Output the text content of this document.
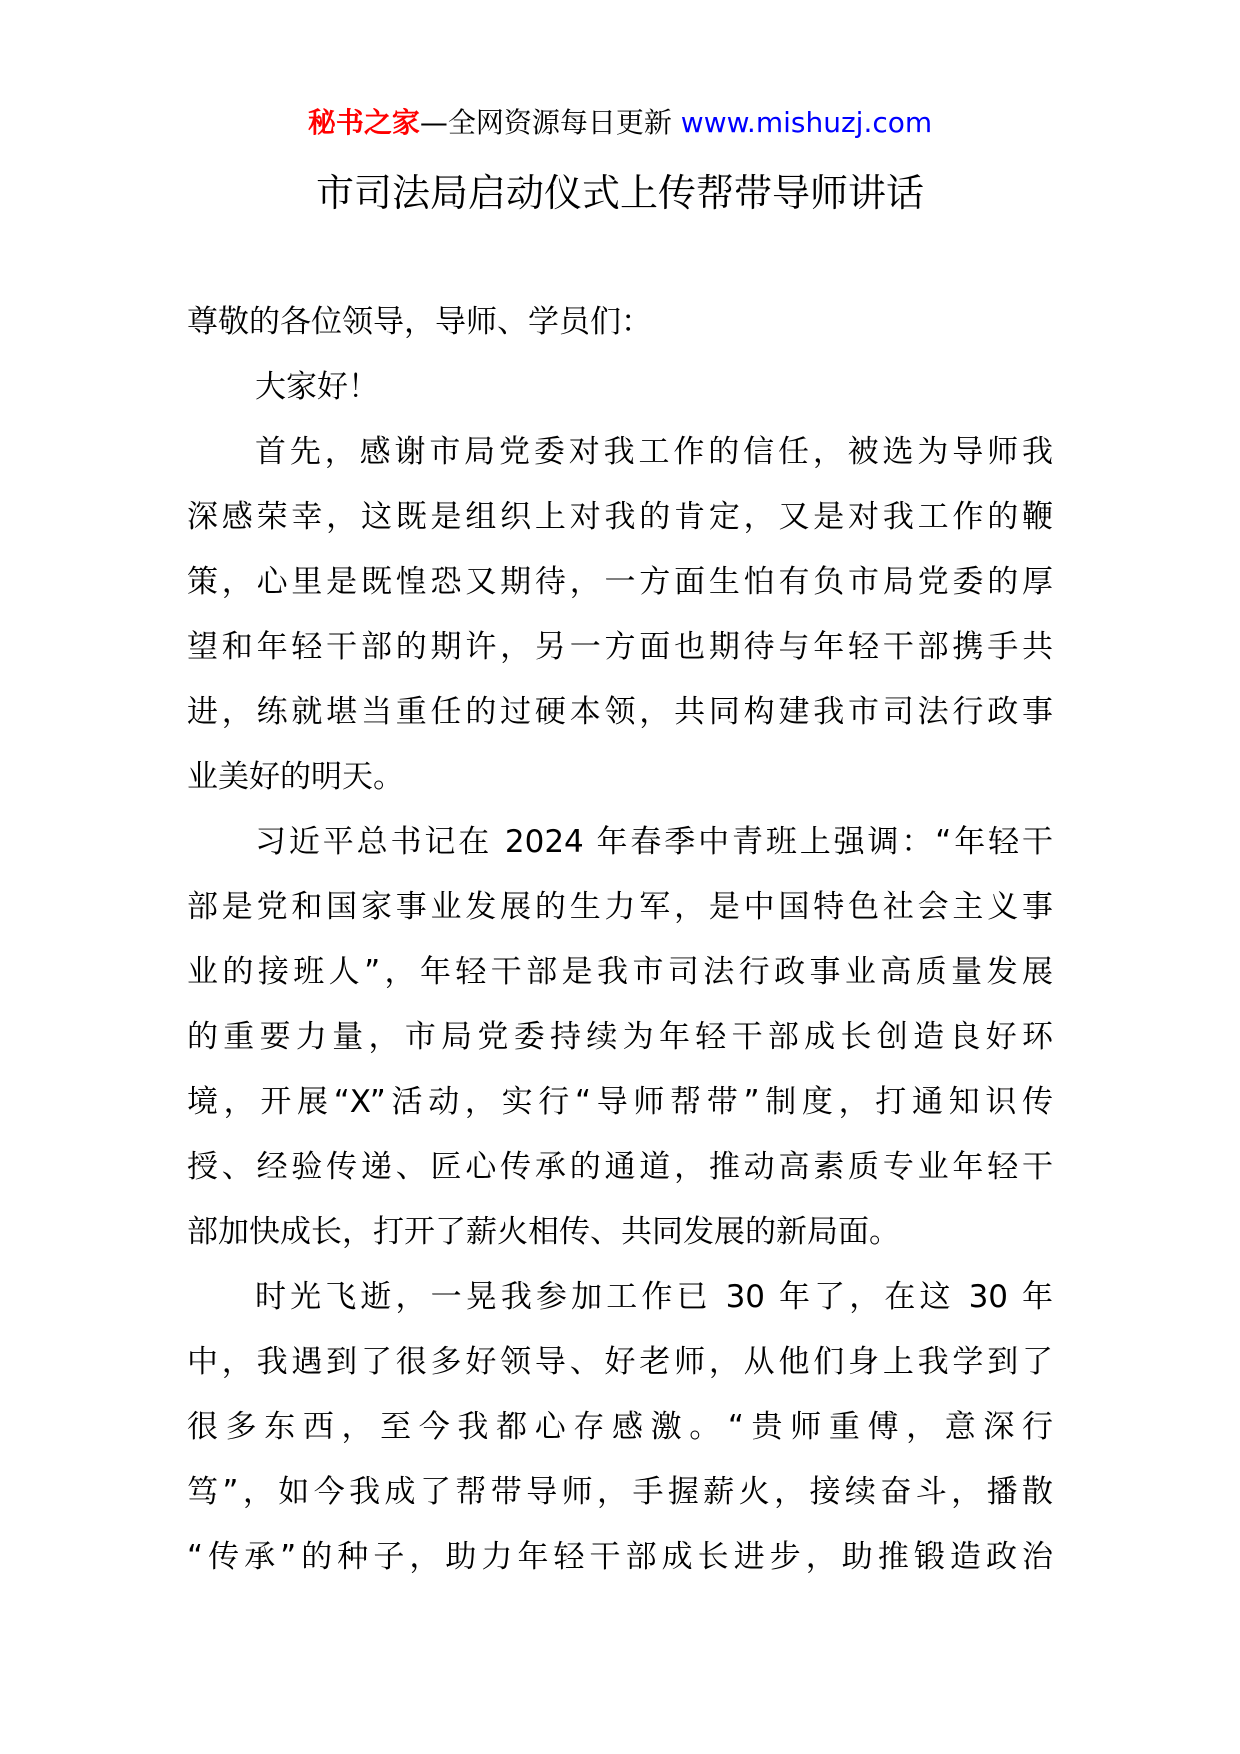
秘书之家—全网资源每日更新 www.mishuzj.com
市司法局启动仪式上传帮带导师讲话
尊敬的各位领导，导师、学员们：
大家好！
首先，感谢市局党委对我工作的信任，被选为导师我
深感荣幸，这既是组织上对我的肯定，又是对我工作的鞭
策，心里是既惶恐又期待，一方面生怕有负市局党委的厚
望和年轻干部的期许，另一方面也期待与年轻干部携手共
进，练就堪当重任的过硬本领，共同构建我市司法行政事
业美好的明天。
习近平总书记在 2024 年春季中青班上强调：“年轻干
部是党和国家事业发展的生力军，是中国特色社会主义事
业的接班人”，年轻干部是我市司法行政事业高质量发展
的重要力量，市局党委持续为年轻干部成长创造良好环
境，开展“X”活动，实行“导师帮带”制度，打通知识传
授、经验传递、匠心传承的通道，推动高素质专业年轻干
部加快成长，打开了薪火相传、共同发展的新局面。
时光飞逝，一晃我参加工作已 30 年了，在这 30 年
中，我遇到了很多好领导、好老师，从他们身上我学到了
很多东西，至今我都心存感激。“贵师重傅，意深行
笃”，如今我成了帮带导师，手握薪火，接续奋斗，播散
“传承”的种子，助力年轻干部成长进步，助推锻造政治
